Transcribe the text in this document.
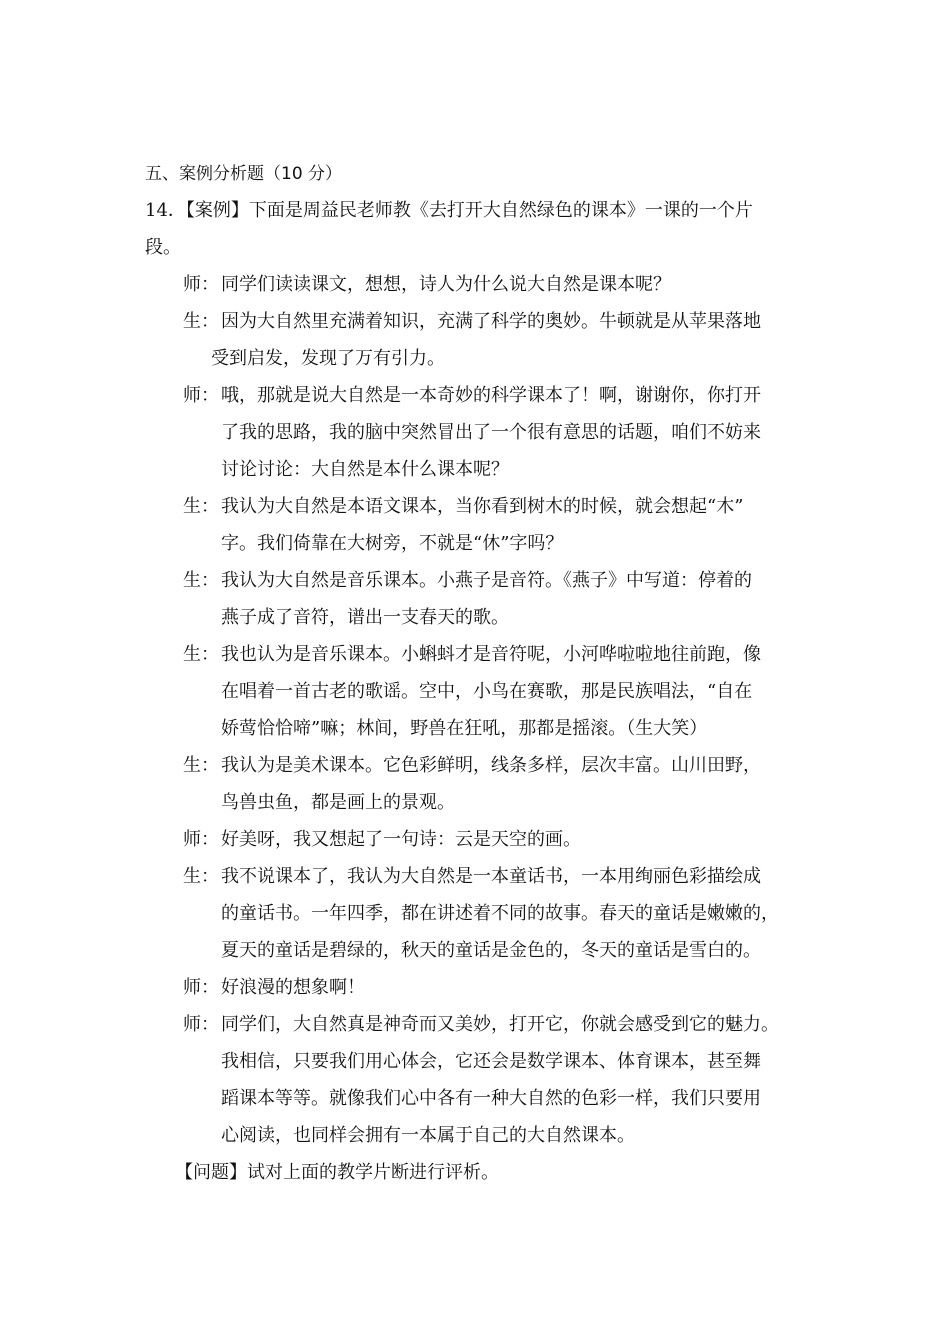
五、案例分析题（10 分）
14．【案例】下面是周益民老师教《去打开大自然绿色的课本》一课的一个片
段。
师： 同学们读读课文，想想，诗人为什么说大自然是课本呢？
生： 因为大自然里充满着知识，充满了科学的奥妙。牛顿就是从苹果落地
受到启发，发现了万有引力。
师： 哦，那就是说大自然是一本奇妙的科学课本了！啊，谢谢你，你打开
了我的思路，我的脑中突然冒出了一个很有意思的话题，咱们不妨来
讨论讨论：大自然是本什么课本呢？
生： 我认为大自然是本语文课本，当你看到树木的时候，就会想起“木”
字。我们倚靠在大树旁，不就是“休”字吗？
生： 我认为大自然是音乐课本。小燕子是音符。《燕子》中写道：停着的
燕子成了音符，谱出一支春天的歌。
生： 我也认为是音乐课本。小蝌蚪才是音符呢，小河哗啦啦地往前跑，像
在唱着一首古老的歌谣。空中，小鸟在赛歌，那是民族唱法，“自在
娇莺恰恰啼”嘛；林间，野兽在狂吼，那都是摇滚。（生大笑）
生： 我认为是美术课本。它色彩鲜明，线条多样，层次丰富。山川田野，
鸟兽虫鱼，都是画上的景观。
师： 好美呀，我又想起了一句诗：云是天空的画。
生： 我不说课本了，我认为大自然是一本童话书，一本用绚丽色彩描绘成
的童话书。一年四季，都在讲述着不同的故事。春天的童话是嫩嫩的，
夏天的童话是碧绿的，秋天的童话是金色的，冬天的童话是雪白的。
师： 好浪漫的想象啊！
师： 同学们，大自然真是神奇而又美妙，打开它，你就会感受到它的魅力。
我相信，只要我们用心体会，它还会是数学课本、体育课本，甚至舞
蹈课本等等。就像我们心中各有一种大自然的色彩一样，我们只要用
心阅读，也同样会拥有一本属于自己的大自然课本。
【问题】试对上面的教学片断进行评析。
